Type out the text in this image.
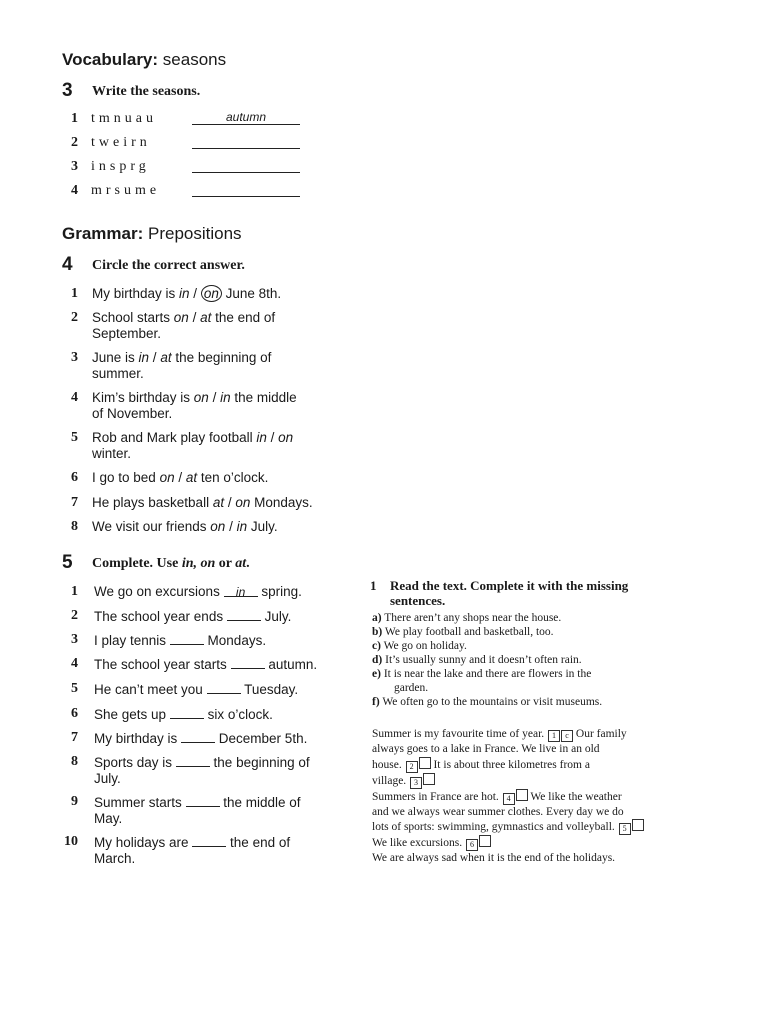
Vocabulary: seasons
3 Write the seasons.
1 tmnuau	autumn
2 tweirn
3 insprg
4 mrsume
Grammar: Prepositions
4 Circle the correct answer.
1 My birthday is in / on June 8th.
2 School starts on / at the end of
September.
3 June is in / at the beginning of
summer.
4 Kim’s birthday is on / in the middle
of November.
5 Rob and Mark play football in / on
winter.
6 I go to bed on / at ten o’clock.
7 He plays basketball at / on Mondays.
8 We visit our friends on / in July.
5 Complete. Use in, on or at.
1 We go on excursions in spring.
2 The school year ends	July.
3 I play tennis	Mondays.
4 The school year starts	autumn.
5 He can’t meet you	Tuesday.
6 She gets up	six o’clock.
7 My birthday is	December 5th.
8 Sports day is	the beginning of
July.
9 Summer starts	the middle of
May.
10 My holidays are	the end of
March.
1 Read the text. Complete it with the missing
sentences.
a) There aren’t any shops near the house.
b) We play football and basketball, too.
c) We go on holiday.
d) It’s usually sunny and it doesn’t often rain.
e) It is near the lake and there are flowers in the
garden.
f) We often go to the mountains or visit museums.
Summer is my favourite time of year. 1 c Our family
always goes to a lake in France. We live in an old
house. 2 It is about three kilometres from a
village. 3
Summers in France are hot. 4 We like the weather
and we always wear summer clothes. Every day we do
lots of sports: swimming, gymnastics and volleyball. 5
We like excursions. 6
We are always sad when it is the end of the holidays.
